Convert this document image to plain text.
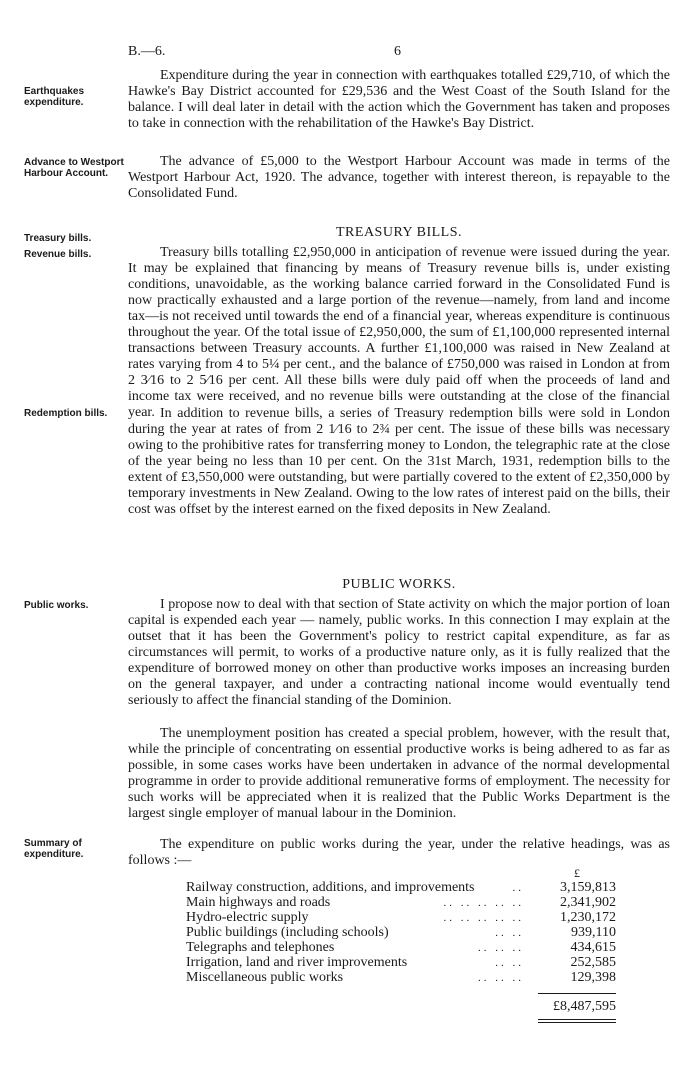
B.—6.	6
Earthquakes expenditure.
Advance to Westport Harbour Account.
Treasury bills.
Revenue bills.
Redemption bills.
Public works.
Summary of expenditure.

Expenditure during the year in connection with earthquakes totalled £29,710, of which the Hawke's Bay District accounted for £29,536 and the West Coast of the South Island for the balance. I will deal later in detail with the action which the Government has taken and proposes to take in connection with the rehabilitation of the Hawke's Bay District.

The advance of £5,000 to the Westport Harbour Account was made in terms of the Westport Harbour Act, 1920. The advance, together with interest thereon, is repayable to the Consolidated Fund.

TREASURY BILLS.

Treasury bills totalling £2,950,000 in anticipation of revenue were issued during the year. It may be explained that financing by means of Treasury revenue bills is, under existing conditions, unavoidable, as the working balance carried forward in the Consolidated Fund is now practically exhausted and a large portion of the revenue—namely, from land and income tax—is not received until towards the end of a financial year, whereas expenditure is continuous throughout the year. Of the total issue of £2,950,000, the sum of £1,100,000 represented internal transactions between Treasury accounts. A further £1,100,000 was raised in New Zealand at rates varying from 4 to 5¼ per cent., and the balance of £750,000 was raised in London at from 2 3⁄16 to 2 5⁄16 per cent. All these bills were duly paid off when the proceeds of land and income tax were received, and no revenue bills were outstanding at the close of the financial year. In addition to revenue bills, a series of Treasury redemption bills were sold in London during the year at rates of from 2 1⁄16 to 2¾ per cent. The issue of these bills was necessary owing to the prohibitive rates for transferring money to London, the telegraphic rate at the close of the year being no less than 10 per cent. On the 31st March, 1931, redemption bills to the extent of £3,550,000 were outstanding, but were partially covered to the extent of £2,350,000 by temporary investments in New Zealand. Owing to the low rates of interest paid on the bills, their cost was offset by the interest earned on the fixed deposits in New Zealand.

PUBLIC WORKS.

I propose now to deal with that section of State activity on which the major portion of loan capital is expended each year — namely, public works. In this connection I may explain at the outset that it has been the Government's policy to restrict capital expenditure, as far as circumstances will permit, to works of a productive nature only, as it is fully realized that the expenditure of borrowed money on other than productive works imposes an increasing burden on the general taxpayer, and under a contracting national income would eventually tend seriously to affect the financial standing of the Dominion.

The unemployment position has created a special problem, however, with the result that, while the principle of concentrating on essential productive works is being adhered to as far as possible, in some cases works have been undertaken in advance of the normal developmental programme in order to provide additional remunerative forms of employment. The necessity for such works will be appreciated when it is realized that the Public Works Department is the largest single employer of manual labour in the Dominion.

The expenditure on public works during the year, under the relative headings, was as follows :—

£
Railway construction, additions, and improvements	..	3,159,813
Main highways and roads	.. .. .. .. ..	2,341,902
Hydro-electric supply	.. .. .. .. ..	1,230,172
Public buildings (including schools)	.. ..	939,110
Telegraphs and telephones	.. .. ..	434,615
Irrigation, land and river improvements	.. ..	252,585
Miscellaneous public works	.. .. ..	129,398
£8,487,595
